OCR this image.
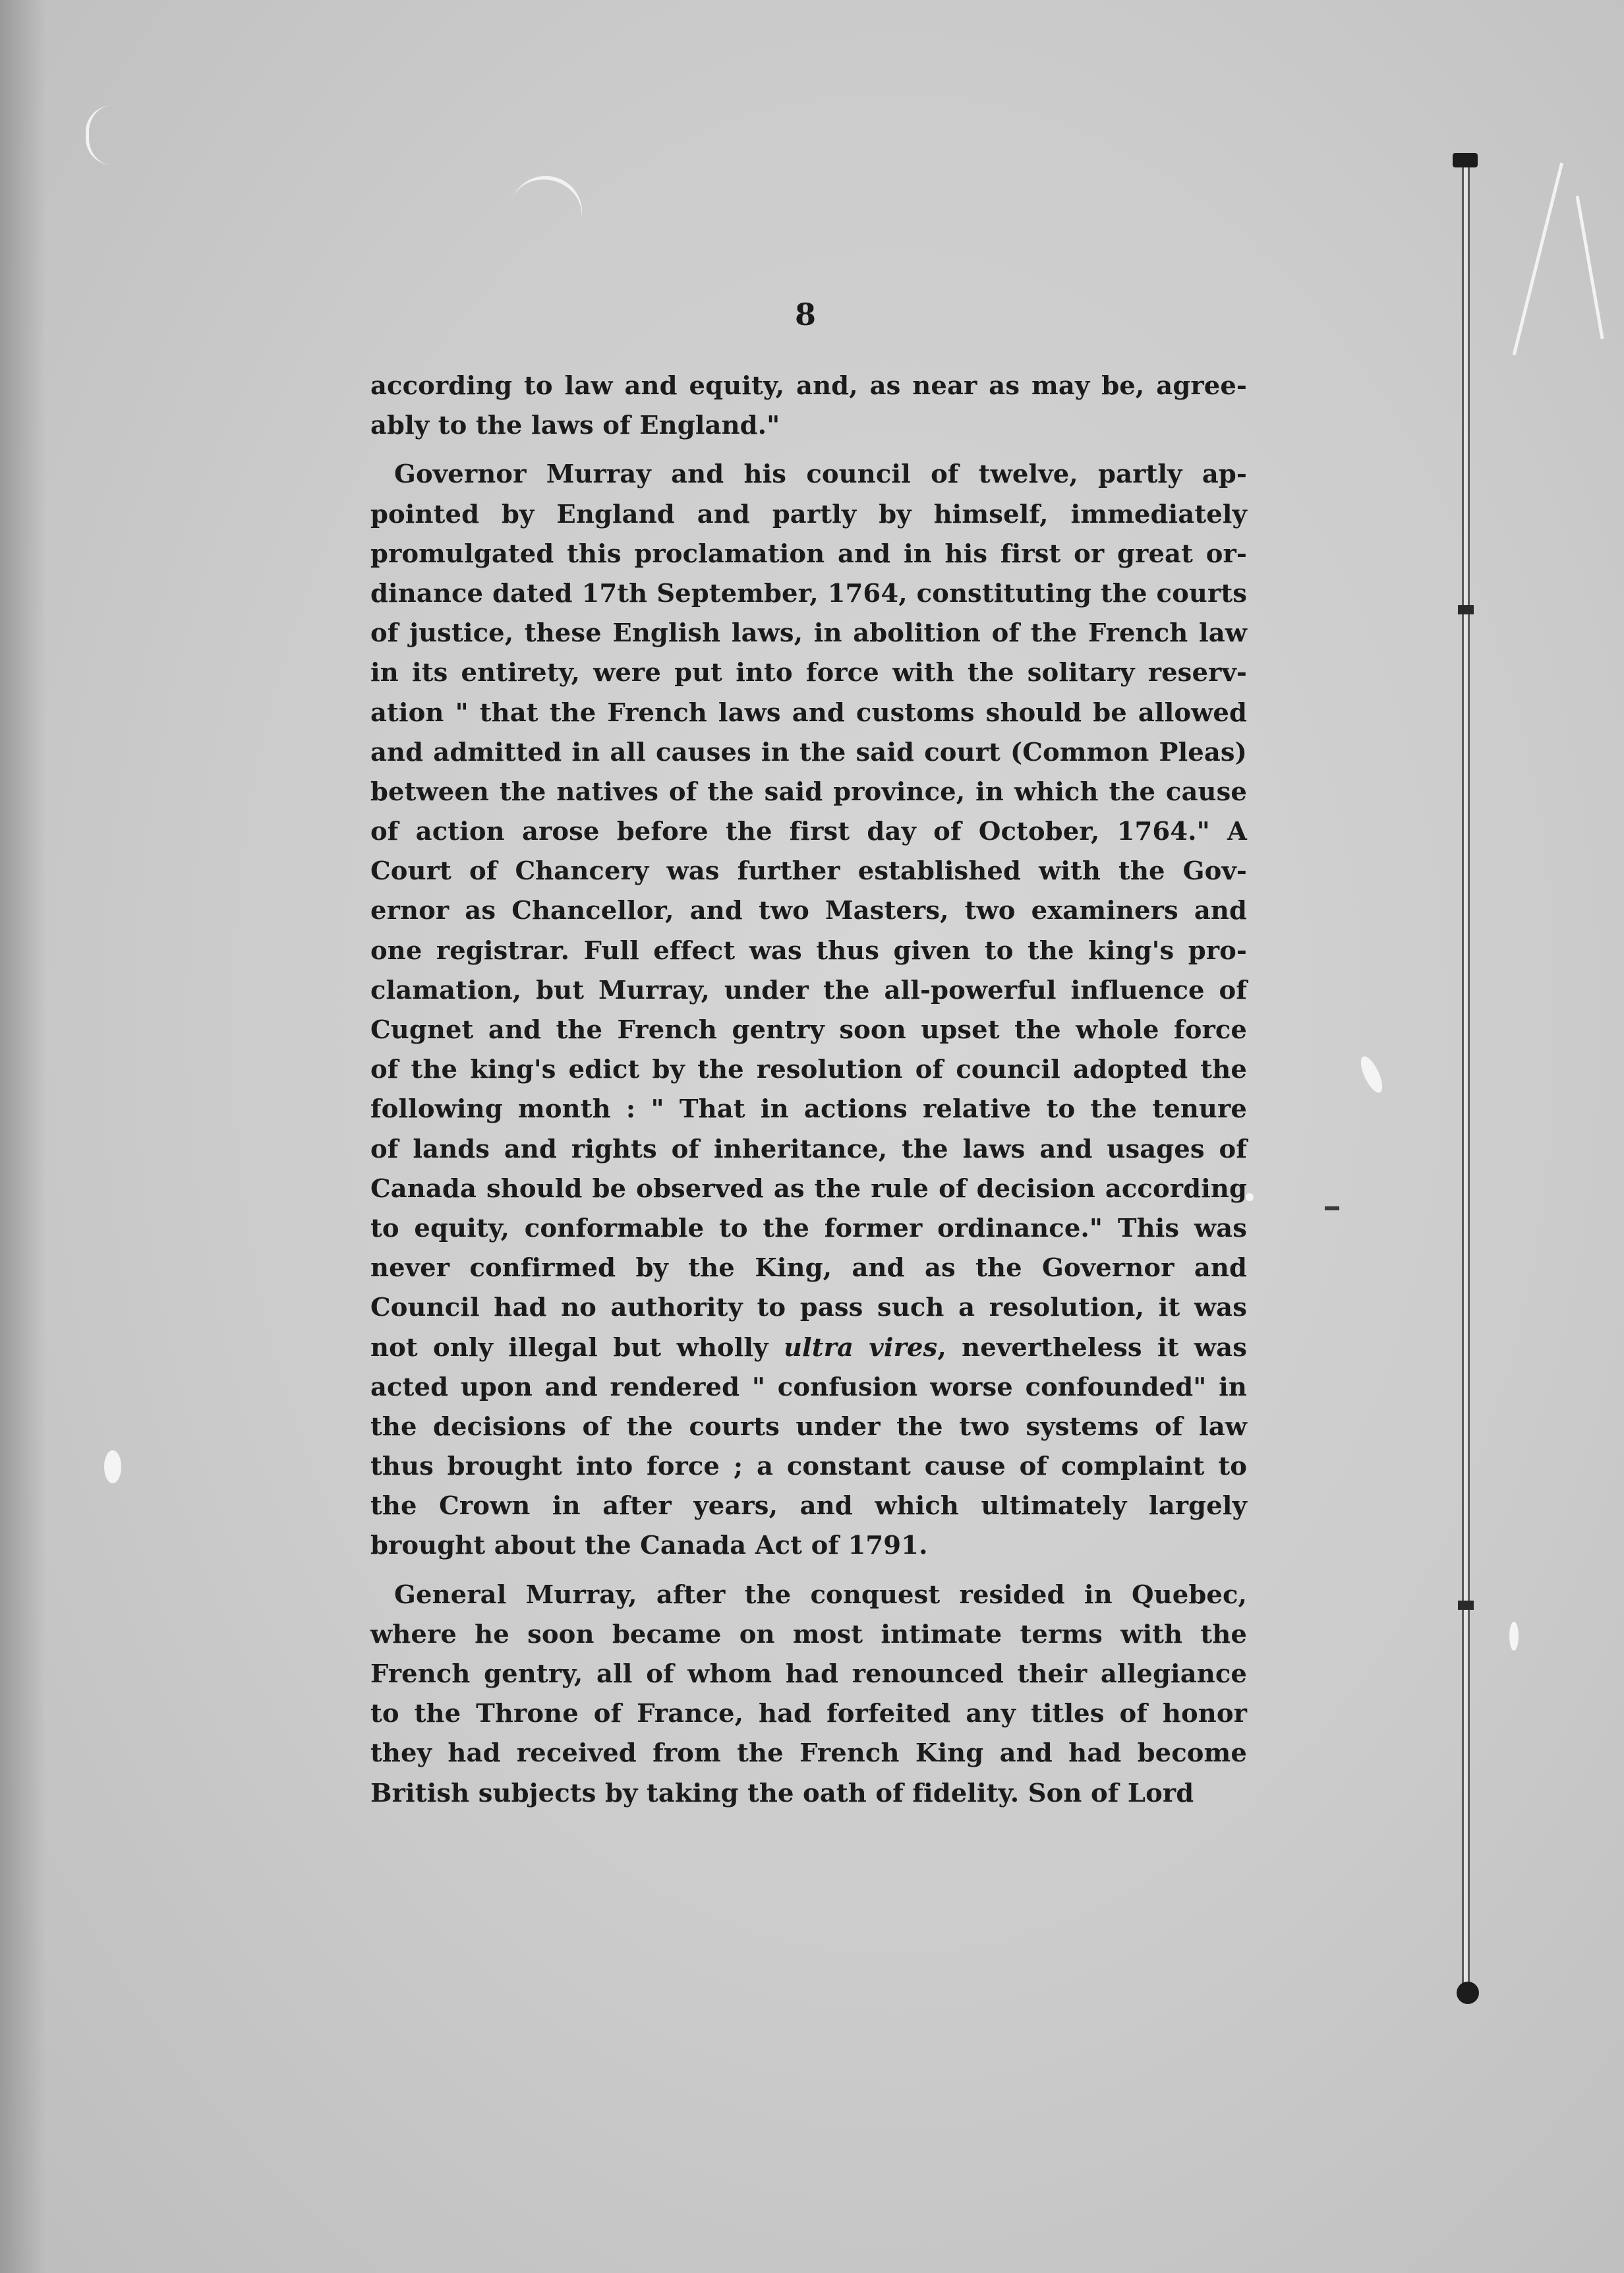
8
according to law and equity, and, as near as may be, agree-
ably to the laws of England."
Governor Murray and his council of twelve, partly ap-
pointed by England and partly by himself, immediately
promulgated this proclamation and in his first or great or-
dinance dated 17th September, 1764, constituting the courts
of justice, these English laws, in abolition of the French law
in its entirety, were put into force with the solitary reserv-
ation " that the French laws and customs should be allowed
and admitted in all causes in the said court (Common Pleas)
between the natives of the said province, in which the cause
of action arose before the first day of October, 1764." A
Court of Chancery was further established with the Gov-
ernor as Chancellor, and two Masters, two examiners and
one registrar. Full effect was thus given to the king's pro-
clamation, but Murray, under the all-powerful influence of
Cugnet and the French gentry soon upset the whole force
of the king's edict by the resolution of council adopted the
following month : " That in actions relative to the tenure
of lands and rights of inheritance, the laws and usages of
Canada should be observed as the rule of decision according
to equity, conformable to the former ordinance." This was
never confirmed by the King, and as the Governor and
Council had no authority to pass such a resolution, it was
not only illegal but wholly ultra vires, nevertheless it was
acted upon and rendered " confusion worse confounded" in
the decisions of the courts under the two systems of law
thus brought into force ; a constant cause of complaint to
the Crown in after years, and which ultimately largely
brought about the Canada Act of 1791.
General Murray, after the conquest resided in Quebec,
where he soon became on most intimate terms with the
French gentry, all of whom had renounced their allegiance
to the Throne of France, had forfeited any titles of honor
they had received from the French King and had become
British subjects by taking the oath of fidelity. Son of Lord
